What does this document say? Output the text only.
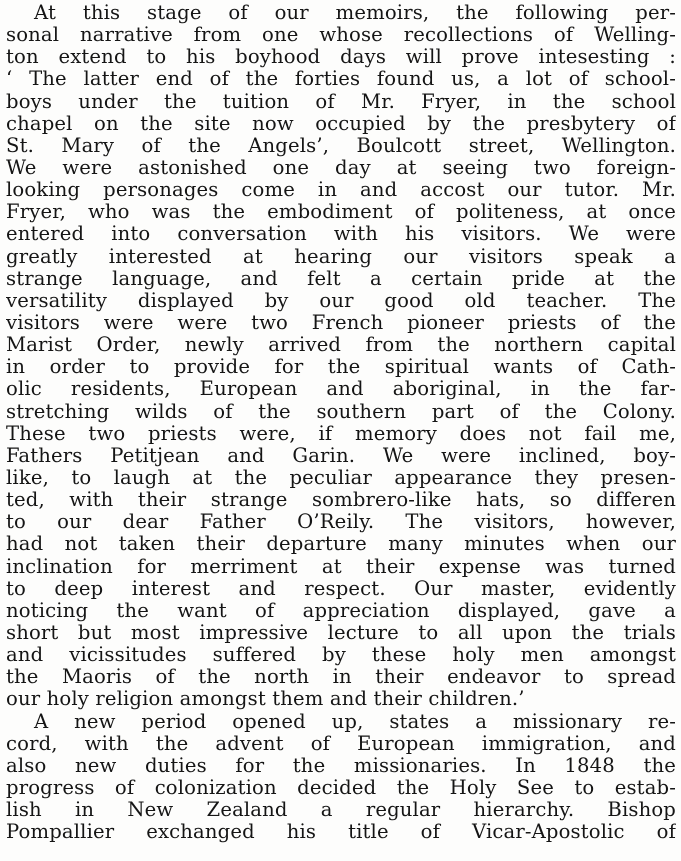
At this stage of our memoirs, the following per-
sonal narrative from one whose recollections of Welling-
ton extend to his boyhood days will prove intesesting :
‘ The latter end of the forties found us, a lot of school-
boys under the tuition of Mr. Fryer, in the school
chapel on the site now occupied by the presbytery of
St. Mary of the Angels’, Boulcott street, Wellington.
We were astonished one day at seeing two foreign-
looking personages come in and accost our tutor. Mr.
Fryer, who was the embodiment of politeness, at once
entered into conversation with his visitors. We were
greatly interested at hearing our visitors speak a
strange language, and felt a certain pride at the
versatility displayed by our good old teacher. The
visitors were were two French pioneer priests of the
Marist Order, newly arrived from the northern capital
in order to provide for the spiritual wants of Cath-
olic residents, European and aboriginal, in the far-
stretching wilds of the southern part of the Colony.
These two priests were, if memory does not fail me,
Fathers Petitjean and Garin. We were inclined, boy-
like, to laugh at the peculiar appearance they presen-
ted, with their strange sombrero-like hats, so differen
to our dear Father O’Reily. The visitors, however,
had not taken their departure many minutes when our
inclination for merriment at their expense was turned
to deep interest and respect. Our master, evidently
noticing the want of appreciation displayed, gave a
short but most impressive lecture to all upon the trials
and vicissitudes suffered by these holy men amongst
the Maoris of the north in their endeavor to spread
our holy religion amongst them and their children.’
A new period opened up, states a missionary re-
cord, with the advent of European immigration, and
also new duties for the missionaries. In 1848 the
progress of colonization decided the Holy See to estab-
lish in New Zealand a regular hierarchy. Bishop
Pompallier exchanged his title of Vicar-Apostolic of
